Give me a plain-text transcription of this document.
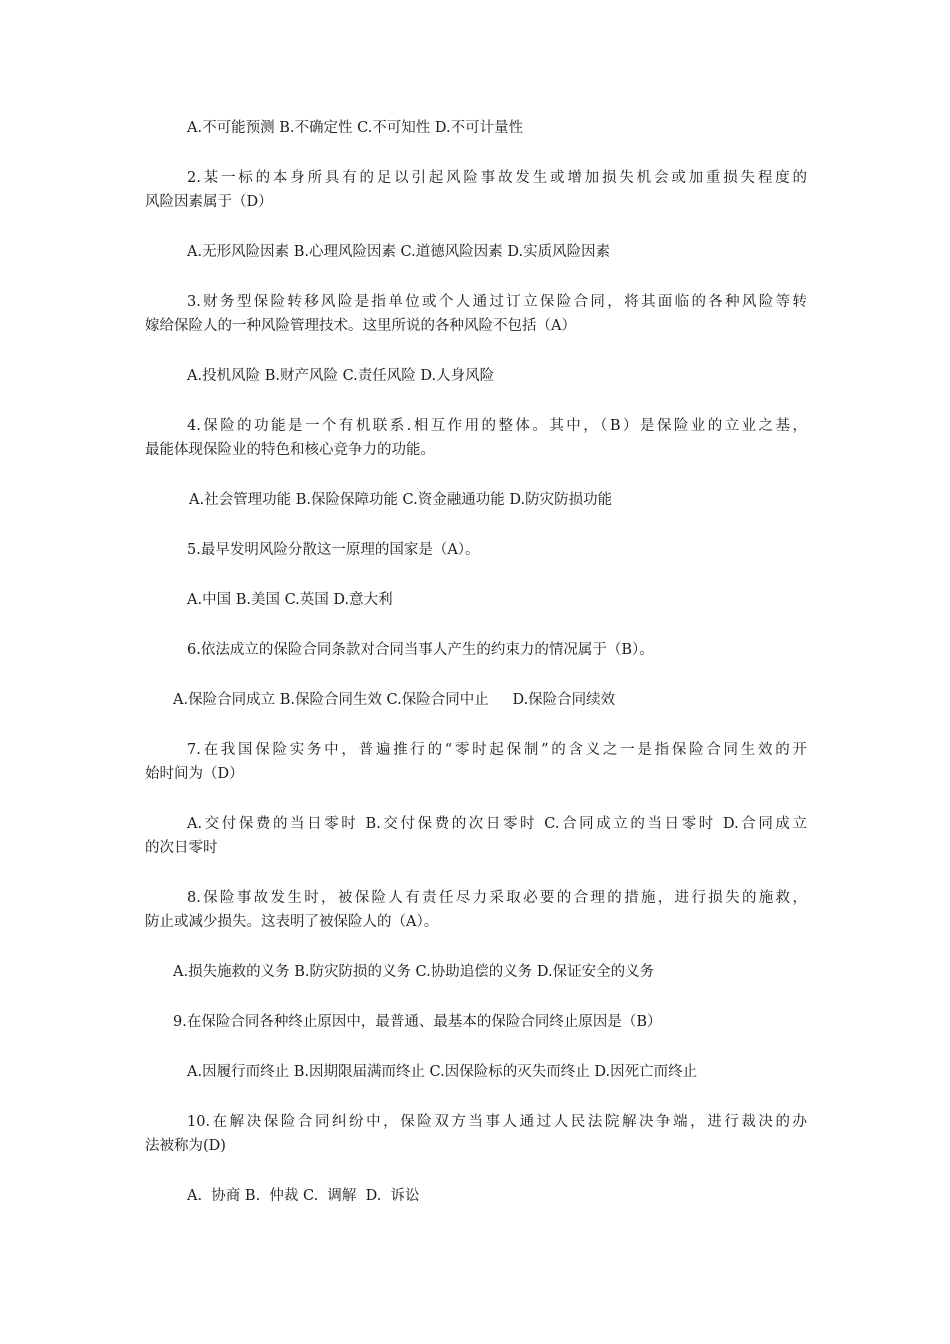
A.不可能预测 B.不确定性 C.不可知性 D.不可计量性
2.某一标的本身所具有的足以引起风险事故发生或增加损失机会或加重损失程度的
风险因素属于（D）
A.无形风险因素 B.心理风险因素 C.道德风险因素 D.实质风险因素
3.财务型保险转移风险是指单位或个人通过订立保险合同，将其面临的各种风险等转
嫁给保险人的一种风险管理技术。这里所说的各种风险不包括（A）
A.投机风险 B.财产风险 C.责任风险 D.人身风险
4.保险的功能是一个有机联系.相互作用的整体。其中，（B）是保险业的立业之基，
最能体现保险业的特色和核心竞争力的功能。
A.社会管理功能 B.保险保障功能 C.资金融通功能 D.防灾防损功能
5.最早发明风险分散这一原理的国家是（A）。
A.中国 B.美国 C.英国 D.意大利
6.依法成立的保险合同条款对合同当事人产生的约束力的情况属于（B）。
A.保险合同成立 B.保险合同生效 C.保险合同中止　  D.保险合同续效
7.在我国保险实务中，普遍推行的“零时起保制”的含义之一是指保险合同生效的开
始时间为（D）
A.交付保费的当日零时 B.交付保费的次日零时 C.合同成立的当日零时 D.合同成立
的次日零时
8.保险事故发生时，被保险人有责任尽力采取必要的合理的措施，进行损失的施救，
防止或减少损失。这表明了被保险人的（A）。
A.损失施救的义务 B.防灾防损的义务 C.协助追偿的义务 D.保证安全的义务
9.在保险合同各种终止原因中，最普通、最基本的保险合同终止原因是（B）
A.因履行而终止 B.因期限届满而终止 C.因保险标的灭失而终止 D.因死亡而终止
10.在解决保险合同纠纷中，保险双方当事人通过人民法院解决争端，进行裁决的办
法被称为(D)
A.  协商 B.  仲裁 C.  调解  D.  诉讼
